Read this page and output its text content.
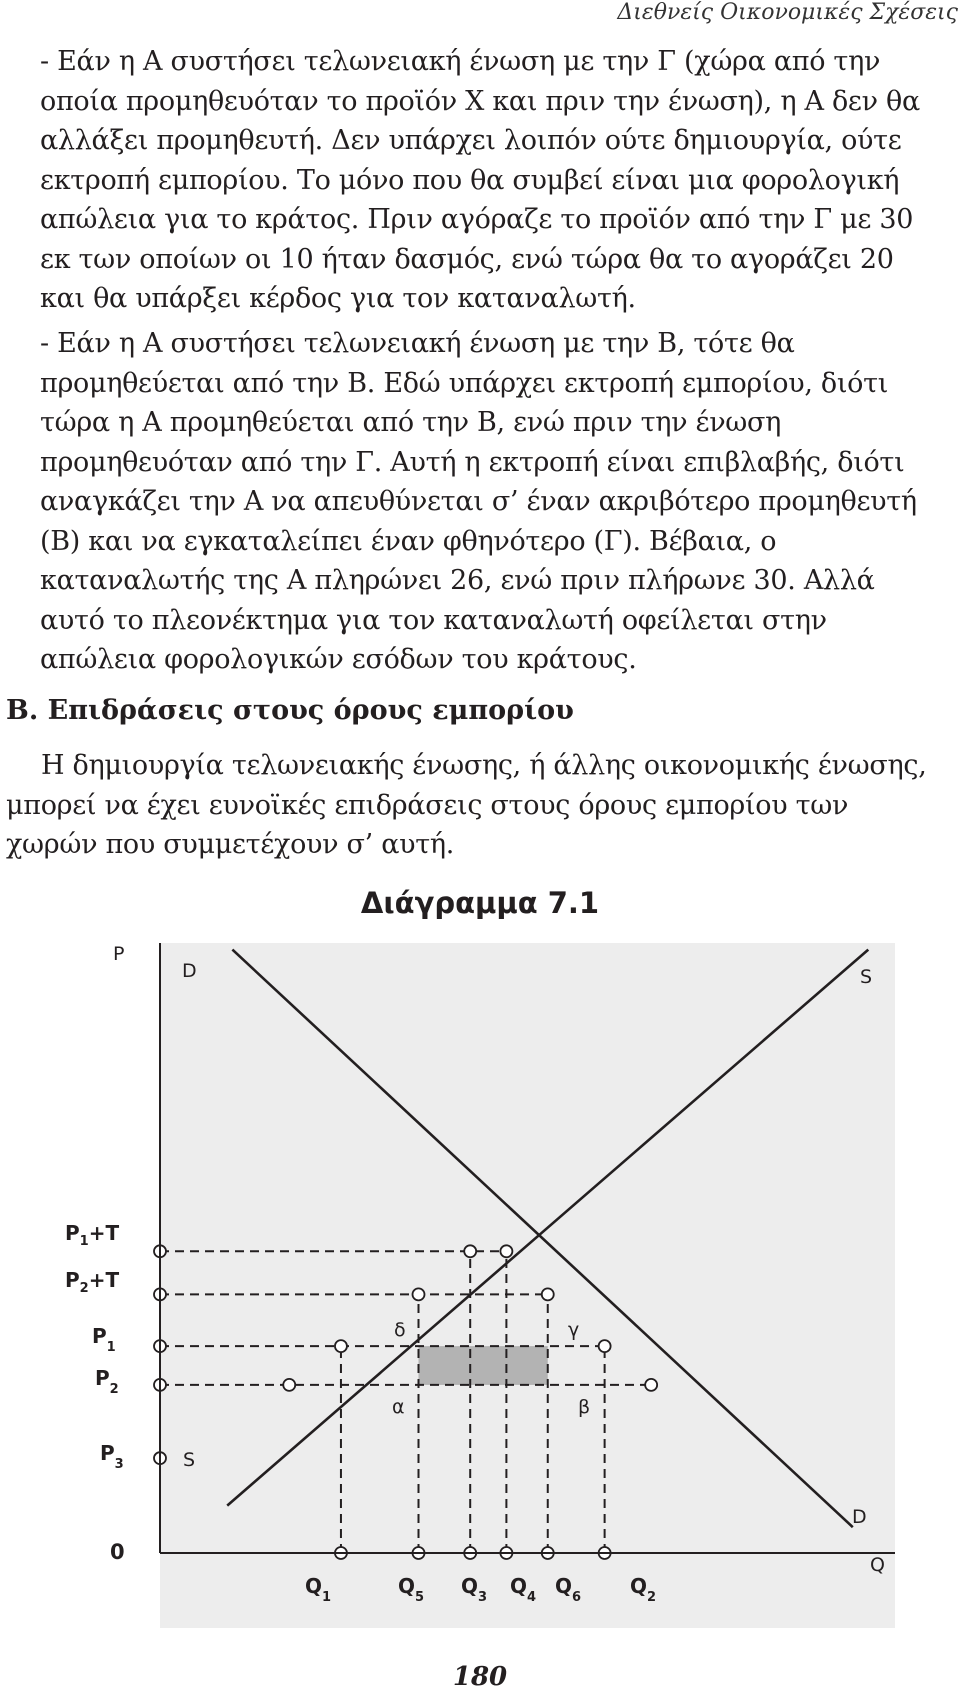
Διεθνείς Οικονομικές Σχέσεις

- Εάν η Α συστήσει τελωνειακή ένωση με την Γ (χώρα από την οποία προμηθευόταν το προϊόν Χ και πριν την ένωση), η Α δεν θα αλλάξει προμηθευτή. Δεν υπάρχει λοιπόν ούτε δημιουργία, ούτε εκτροπή εμπορίου. Το μόνο που θα συμβεί είναι μια φορολογική απώλεια για το κράτος. Πριν αγόραζε το προϊόν από την Γ με 30 εκ των οποίων οι 10 ήταν δασμός, ενώ τώρα θα το αγοράζει 20 και θα υπάρξει κέρδος για τον καταναλωτή.

- Εάν η Α συστήσει τελωνειακή ένωση με την Β, τότε θα προμηθεύεται από την Β. Εδώ υπάρχει εκτροπή εμπορίου, διότι τώρα η Α προμηθεύεται από την Β, ενώ πριν την ένωση προμηθευόταν από την Γ. Αυτή η εκτροπή είναι επιβλαβής, διότι αναγκάζει την Α να απευθύνεται σ’ έναν ακριβότερο προμηθευτή (Β) και να εγκαταλείπει έναν φθηνότερο (Γ). Βέβαια, ο καταναλωτής της Α πληρώνει 26, ενώ πριν πλήρωνε 30. Αλλά αυτό το πλεονέκτημα για τον καταναλωτή οφείλεται στην απώλεια φορολογικών εσόδων του κράτους.

Β. Επιδράσεις στους όρους εμπορίου

Η δημιουργία τελωνειακής ένωσης, ή άλλης οικονομικής ένωσης, μπορεί να έχει ευνοϊκές επιδράσεις στους όρους εμπορίου των χωρών που συμμετέχουν σ’ αυτή.

Διάγραμμα 7.1
P
Q
0
D	S
S
D
δ	γ
α	β
$P_1+T$
$P_2+T$
$P_1$
$P_2$
$P_3$
$Q_1$	$Q_5$ $Q_3$ $Q_4$ $Q_6$ $Q_2$
180
